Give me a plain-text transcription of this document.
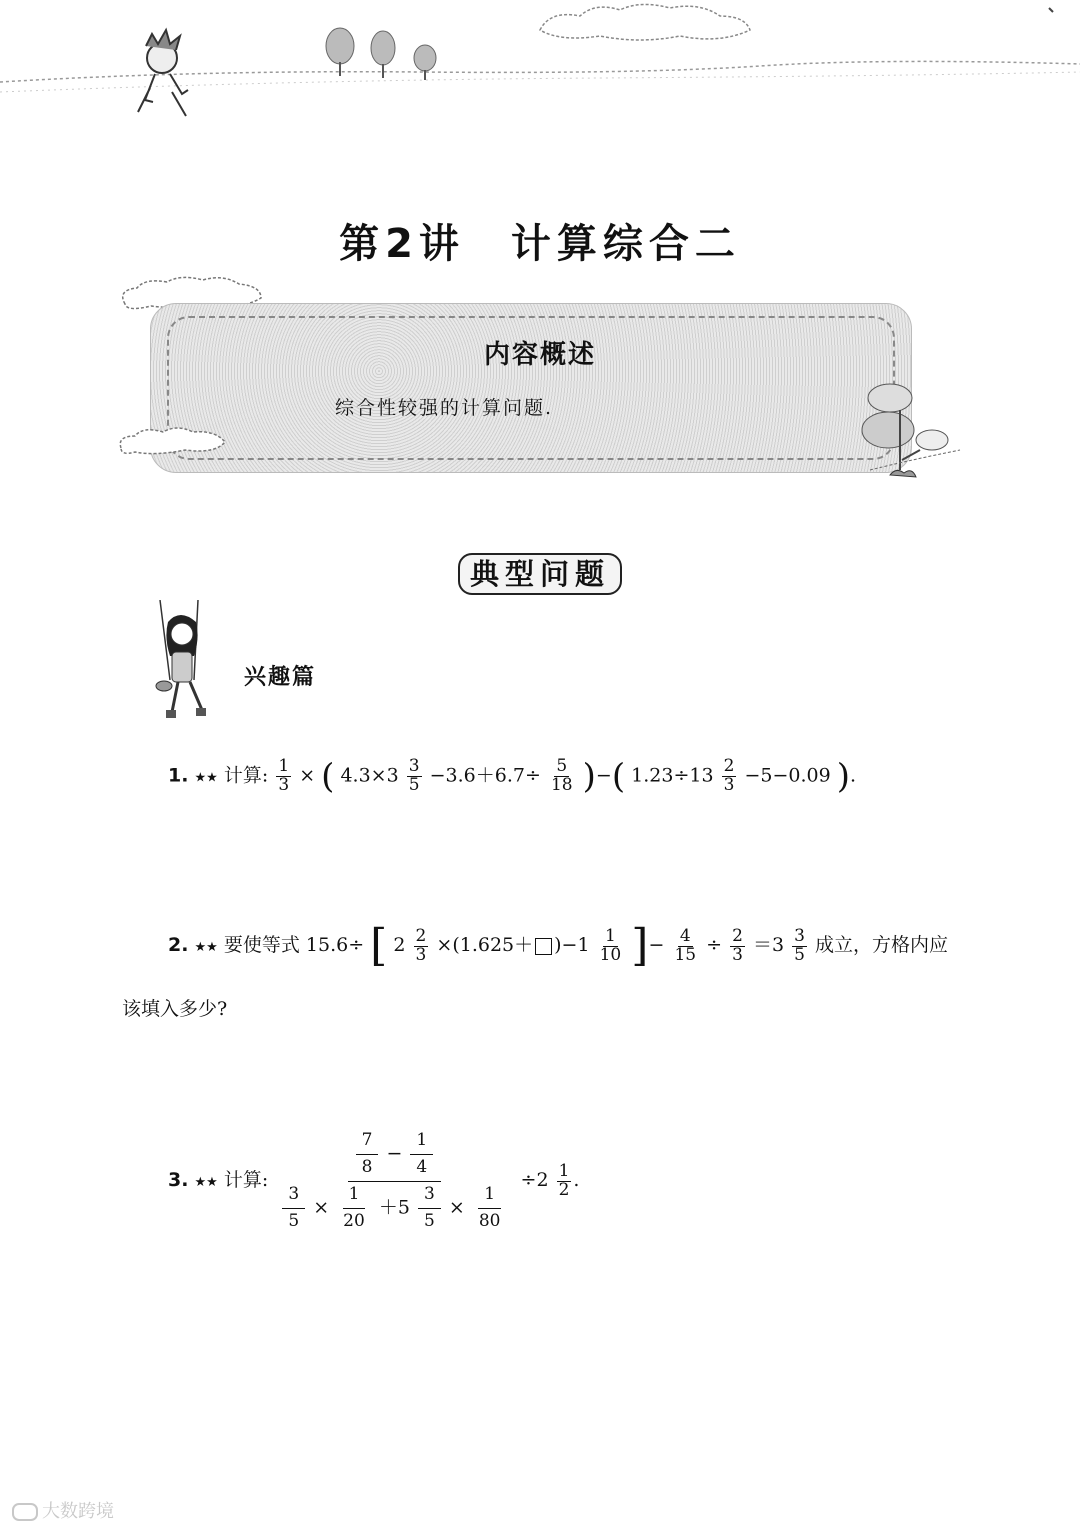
第2讲　计算综合二
内容概述
综合性较强的计算问题.
典型问题
兴趣篇
1. ★★ 计算: $\frac{1}{3}$ × ( $4.3\times 3 \frac{3}{5} -3.6+6.7\div \frac{5}{18}$ )−( $1.23\div 13 \frac{2}{3} -5-0.09$ ).
2. ★★ 要使等式 15.6÷ [ $2 \frac{2}{3} \times(1.625+ )-1 \frac{1}{10}$ ]− $\frac{4}{15} \div \frac{2}{3} =3 \frac{3}{5}$ 成立，方格内应
该填入多少?
3. ★★ 计算: $\frac{\frac{7}{8} - \frac{1}{4}}{\frac{3}{5} \times \frac{1}{20} +5 \frac{3}{5} \times \frac{1}{80}} \div 2 \frac{1}{2}$ .
大数跨境
